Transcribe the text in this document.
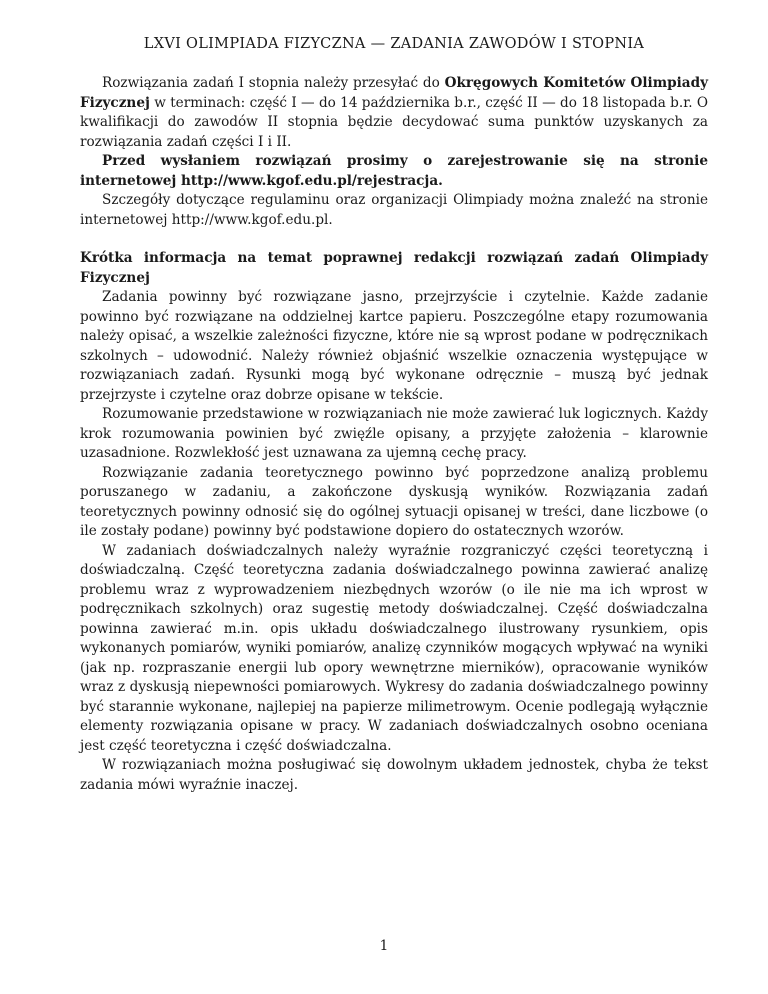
LXVI OLIMPIADA FIZYCZNA — ZADANIA ZAWODÓW I STOPNIA

Rozwiązania zadań I stopnia należy przesyłać do Okręgowych Komitetów Olimpiady Fizycznej w terminach: część I — do 14 października b.r., część II — do 18 listopada b.r. O kwalifikacji do zawodów II stopnia będzie decydować suma punktów uzyskanych za rozwiązania zadań części I i II.

Przed wysłaniem rozwiązań prosimy o zarejestrowanie się na stronie internetowej http://www.kgof.edu.pl/rejestracja.

Szczegóły dotyczące regulaminu oraz organizacji Olimpiady można znaleźć na stronie internetowej http://www.kgof.edu.pl.

Krótka informacja na temat poprawnej redakcji rozwiązań zadań Olimpiady Fizycznej

Zadania powinny być rozwiązane jasno, przejrzyście i czytelnie. Każde zadanie powinno być rozwiązane na oddzielnej kartce papieru. Poszczególne etapy rozumowania należy opisać, a wszelkie zależności fizyczne, które nie są wprost podane w podręcznikach szkolnych – udowodnić. Należy również objaśnić wszelkie oznaczenia występujące w rozwiązaniach zadań. Rysunki mogą być wykonane odręcznie – muszą być jednak przejrzyste i czytelne oraz dobrze opisane w tekście.

Rozumowanie przedstawione w rozwiązaniach nie może zawierać luk logicznych. Każdy krok rozumowania powinien być zwięźle opisany, a przyjęte założenia – klarownie uzasadnione. Rozwlekłość jest uznawana za ujemną cechę pracy.

Rozwiązanie zadania teoretycznego powinno być poprzedzone analizą problemu poruszanego w zadaniu, a zakończone dyskusją wyników. Rozwiązania zadań teoretycznych powinny odnosić się do ogólnej sytuacji opisanej w treści, dane liczbowe (o ile zostały podane) powinny być podstawione dopiero do ostatecznych wzorów.

W zadaniach doświadczalnych należy wyraźnie rozgraniczyć części teoretyczną i doświadczalną. Część teoretyczna zadania doświadczalnego powinna zawierać analizę problemu wraz z wyprowadzeniem niezbędnych wzorów (o ile nie ma ich wprost w podręcznikach szkolnych) oraz sugestię metody doświadczalnej. Część doświadczalna powinna zawierać m.in. opis układu doświadczalnego ilustrowany rysunkiem, opis wykonanych pomiarów, wyniki pomiarów, analizę czynników mogących wpływać na wyniki (jak np. rozpraszanie energii lub opory wewnętrzne mierników), opracowanie wyników wraz z dyskusją niepewności pomiarowych. Wykresy do zadania doświadczalnego powinny być starannie wykonane, najlepiej na papierze milimetrowym. Ocenie podlegają wyłącznie elementy rozwiązania opisane w pracy. W zadaniach doświadczalnych osobno oceniana jest część teoretyczna i część doświadczalna.

W rozwiązaniach można posługiwać się dowolnym układem jednostek, chyba że tekst zadania mówi wyraźnie inaczej.

1
